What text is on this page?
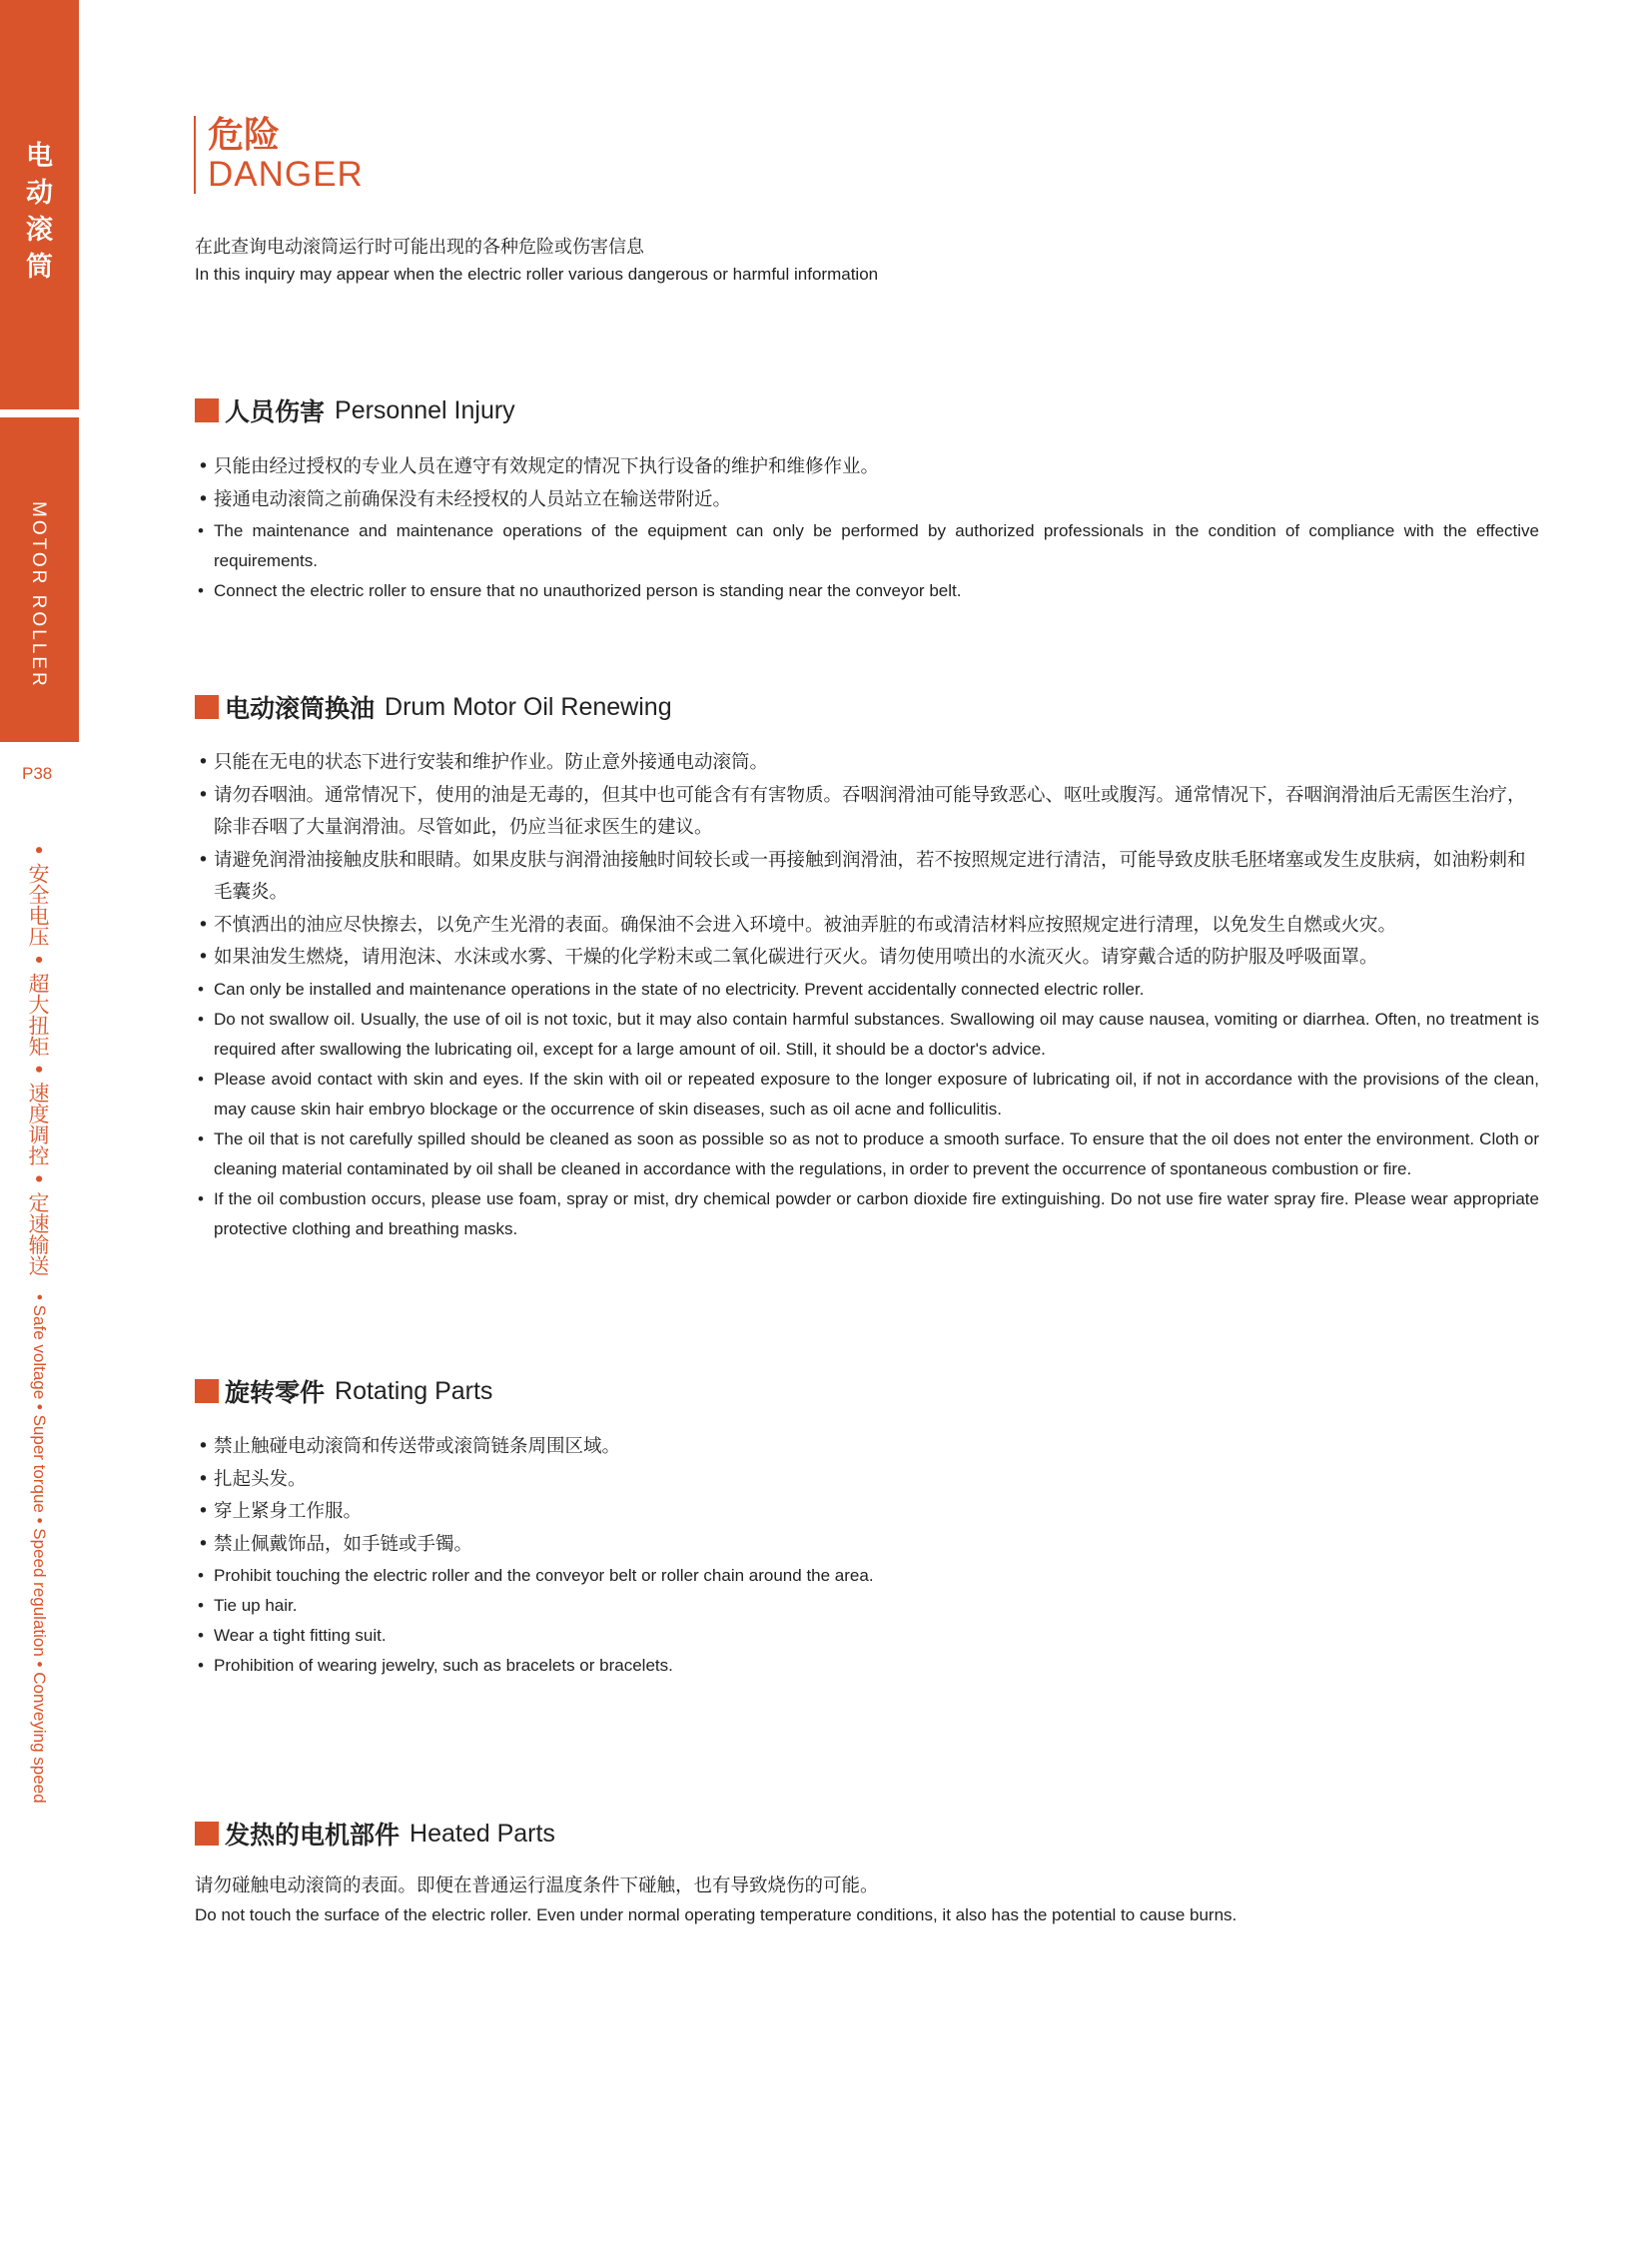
电
动
滚
筒
MOTOR ROLLER
P38
• 安全电压 • 超大扭矩 • 速度调控 • 定速输送
• Safe voltage • Super torque • Speed regulation • Conveying speed
危险
DANGER
在此查询电动滚筒运行时可能出现的各种危险或伤害信息
In this inquiry may appear when the electric roller various dangerous or harmful information
人员伤害 Personnel Injury
• 只能由经过授权的专业人员在遵守有效规定的情况下执行设备的维护和维修作业。
• 接通电动滚筒之前确保没有未经授权的人员站立在输送带附近。
• The maintenance and maintenance operations of the equipment can only be performed by authorized professionals in the condition of compliance with the effective requirements.
• Connect the electric roller to ensure that no unauthorized person is standing near the conveyor belt.
电动滚筒换油 Drum Motor Oil Renewing
• 只能在无电的状态下进行安装和维护作业。防止意外接通电动滚筒。
• 请勿吞咽油。通常情况下，使用的油是无毒的，但其中也可能含有有害物质。吞咽润滑油可能导致恶心、呕吐或腹泻。通常情况下，吞咽润滑油后无需医生治疗，除非吞咽了大量润滑油。尽管如此，仍应当征求医生的建议。
• 请避免润滑油接触皮肤和眼睛。如果皮肤与润滑油接触时间较长或一再接触到润滑油，若不按照规定进行清洁，可能导致皮肤毛胚堵塞或发生皮肤病，如油粉刺和毛囊炎。
• 不慎洒出的油应尽快擦去，以免产生光滑的表面。确保油不会进入环境中。被油弄脏的布或清洁材料应按照规定进行清理，以免发生自燃或火灾。
• 如果油发生燃烧，请用泡沫、水沫或水雾、干燥的化学粉末或二氧化碳进行灭火。请勿使用喷出的水流灭火。请穿戴合适的防护服及呼吸面罩。
• Can only be installed and maintenance operations in the state of no electricity. Prevent accidentally connected electric roller.
• Do not swallow oil. Usually, the use of oil is not toxic, but it may also contain harmful substances. Swallowing oil may cause nausea, vomiting or diarrhea. Often, no treatment is required after swallowing the lubricating oil, except for a large amount of oil. Still, it should be a doctor's advice.
• Please avoid contact with skin and eyes. If the skin with oil or repeated exposure to the longer exposure of lubricating oil, if not in accordance with the provisions of the clean, may cause skin hair embryo blockage or the occurrence of skin diseases, such as oil acne and folliculitis.
• The oil that is not carefully spilled should be cleaned as soon as possible so as not to produce a smooth surface. To ensure that the oil does not enter the environment. Cloth or cleaning material contaminated by oil shall be cleaned in accordance with the regulations, in order to prevent the occurrence of spontaneous combustion or fire.
• If the oil combustion occurs, please use foam, spray or mist, dry chemical powder or carbon dioxide fire extinguishing. Do not use fire water spray fire. Please wear appropriate protective clothing and breathing masks.
旋转零件 Rotating Parts
• 禁止触碰电动滚筒和传送带或滚筒链条周围区域。
• 扎起头发。
• 穿上紧身工作服。
• 禁止佩戴饰品，如手链或手镯。
• Prohibit touching the electric roller and the conveyor belt or roller chain around the area.
• Tie up hair.
• Wear a tight fitting suit.
• Prohibition of wearing jewelry, such as bracelets or bracelets.
发热的电机部件 Heated Parts
请勿碰触电动滚筒的表面。即便在普通运行温度条件下碰触，也有导致烧伤的可能。
Do not touch the surface of the electric roller. Even under normal operating temperature conditions, it also has the potential to cause burns.
